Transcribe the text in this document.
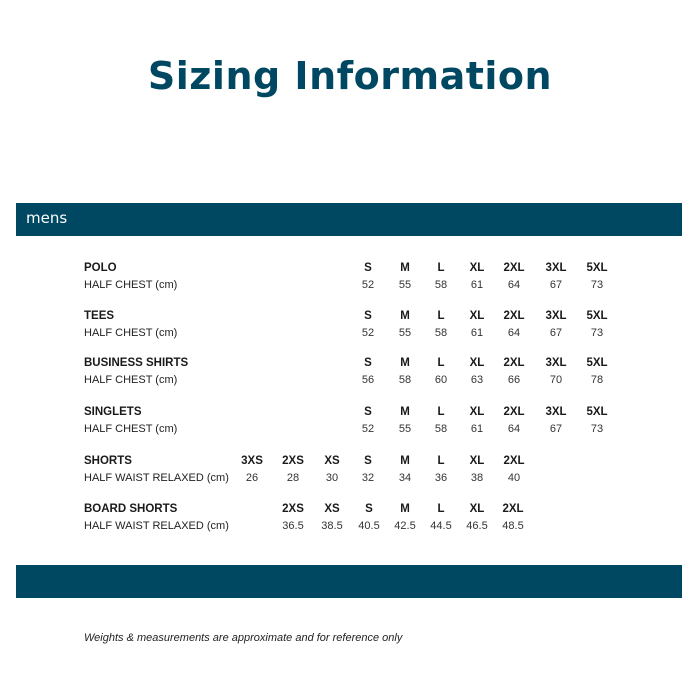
Sizing Information
mens
POLO
HALF CHEST (cm)
S
52
M
55
L
58
XL
61
2XL
64
3XL
67
5XL
73
TEES
HALF CHEST (cm)
S
52
M
55
L
58
XL
61
2XL
64
3XL
67
5XL
73
BUSINESS SHIRTS
HALF CHEST (cm)
S
56
M
58
L
60
XL
63
2XL
66
3XL
70
5XL
78
SINGLETS
HALF CHEST (cm)
S
52
M
55
L
58
XL
61
2XL
64
3XL
67
5XL
73
SHORTS
HALF WAIST RELAXED (cm)
3XS
26
2XS
28
XS
30
S
32
M
34
L
36
XL
38
2XL
40
BOARD SHORTS
HALF WAIST RELAXED (cm)
2XS
36.5
XS
38.5
S
40.5
M
42.5
L
44.5
XL
46.5
2XL
48.5
Weights & measurements are approximate and for reference only
